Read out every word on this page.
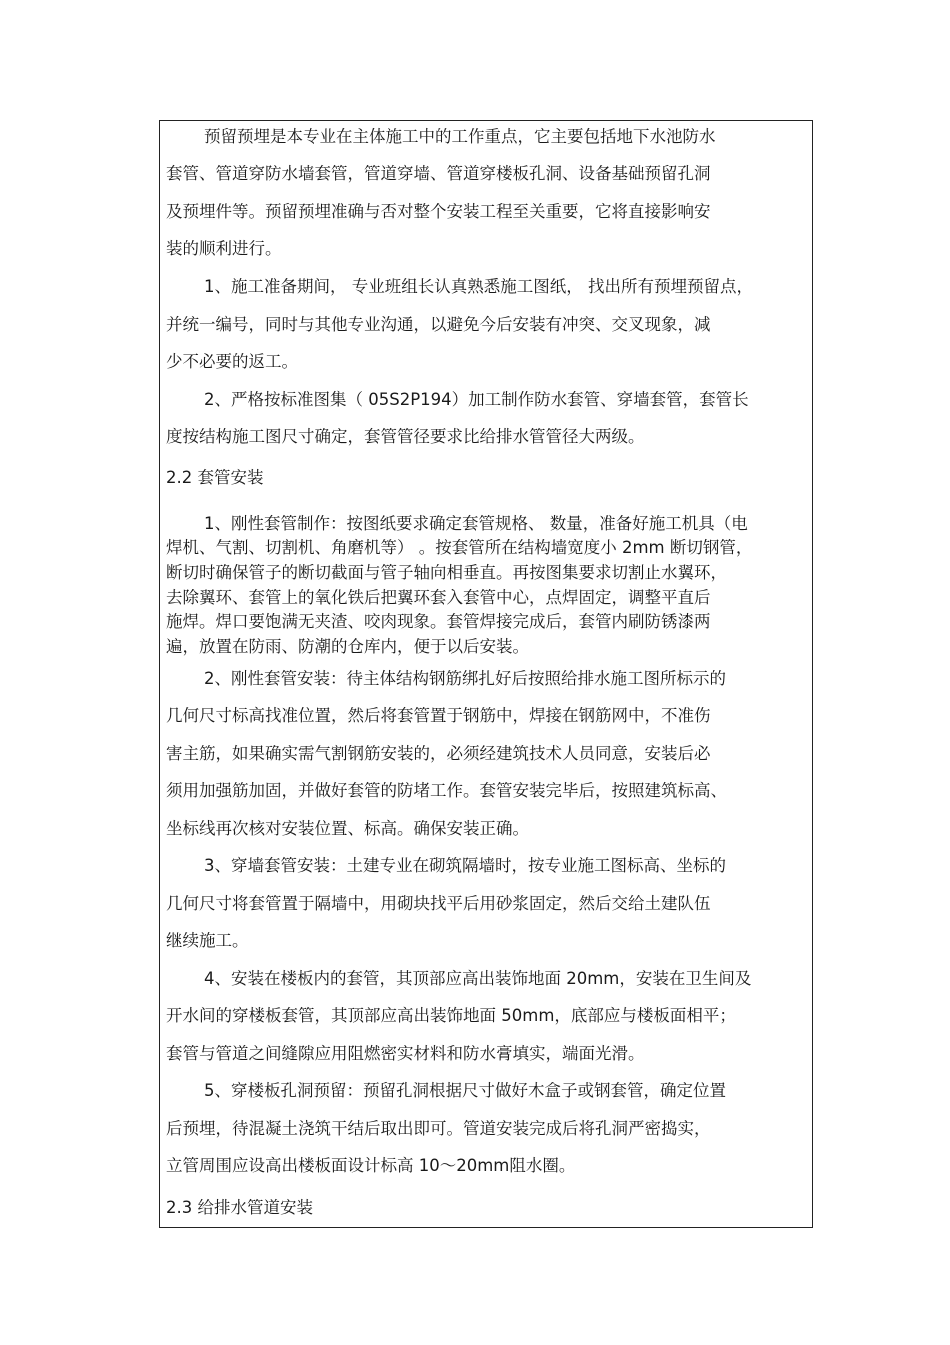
预留预埋是本专业在主体施工中的工作重点，它主要包括地下水池防水
套管、管道穿防水墙套管，管道穿墙、管道穿楼板孔洞、设备基础预留孔洞
及预埋件等。预留预埋准确与否对整个安装工程至关重要，它将直接影响安
装的顺利进行。
1、施工准备期间， 专业班组长认真熟悉施工图纸， 找出所有预埋预留点，
并统一编号，同时与其他专业沟通，以避免今后安装有冲突、交叉现象，减
少不必要的返工。
2、严格按标准图集（ 05S2P194）加工制作防水套管、穿墙套管，套管长
度按结构施工图尺寸确定，套管管径要求比给排水管管径大两级。
2.2 套管安装
1、刚性套管制作：按图纸要求确定套管规格、 数量，准备好施工机具（电
焊机、气割、切割机、角磨机等） 。按套管所在结构墙宽度小 2mm 断切钢管，
断切时确保管子的断切截面与管子轴向相垂直。再按图集要求切割止水翼环，
去除翼环、套管上的氧化铁后把翼环套入套管中心，点焊固定，调整平直后
施焊。焊口要饱满无夹渣、咬肉现象。套管焊接完成后，套管内刷防锈漆两
遍，放置在防雨、防潮的仓库内，便于以后安装。
2、刚性套管安装：待主体结构钢筋绑扎好后按照给排水施工图所标示的
几何尺寸标高找准位置，然后将套管置于钢筋中，焊接在钢筋网中，不准伤
害主筋，如果确实需气割钢筋安装的，必须经建筑技术人员同意，安装后必
须用加强筋加固，并做好套管的防堵工作。套管安装完毕后，按照建筑标高、
坐标线再次核对安装位置、标高。确保安装正确。
3、穿墙套管安装：土建专业在砌筑隔墙时，按专业施工图标高、坐标的
几何尺寸将套管置于隔墙中，用砌块找平后用砂浆固定，然后交给土建队伍
继续施工。
4、安装在楼板内的套管，其顶部应高出装饰地面 20mm，安装在卫生间及
开水间的穿楼板套管，其顶部应高出装饰地面 50mm，底部应与楼板面相平；
套管与管道之间缝隙应用阻燃密实材料和防水膏填实，端面光滑。
5、穿楼板孔洞预留：预留孔洞根据尺寸做好木盒子或钢套管，确定位置
后预埋，待混凝土浇筑干结后取出即可。管道安装完成后将孔洞严密捣实，
立管周围应设高出楼板面设计标高 10～20mm阻水圈。
2.3 给排水管道安装
